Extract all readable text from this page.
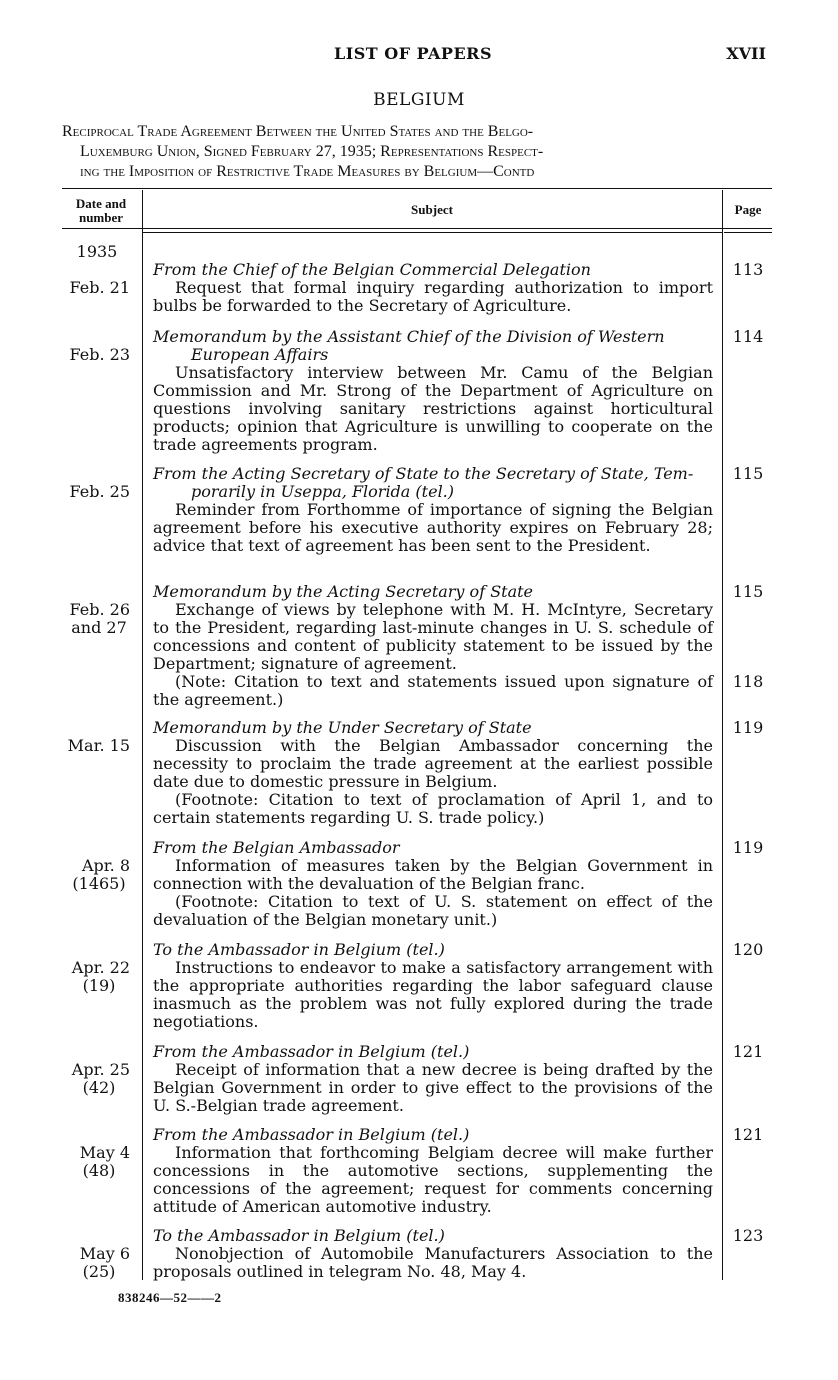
LIST OF PAPERS	XVII
BELGIUM
Reciprocal Trade Agreement Between the United States and the Belgo-
Luxemburg Union, Signed February 27, 1935; Representations Respect-
ing the Imposition of Restrictive Trade Measures by Belgium—Contd
Date and
number
Subject	Page
1935

Feb. 21

From the Chief of the Belgian Commercial Delegation
Request that formal inquiry regarding authorization to import bulbs be forwarded to the Secretary of Agriculture.
113

Feb. 23

Memorandum by the Assistant Chief of the Division of Western
European Affairs
Unsatisfactory interview between Mr. Camu of the Belgian Commission and Mr. Strong of the Department of Agriculture on questions involving sanitary restrictions against horticultural products; opinion that Agriculture is unwilling to cooperate on the trade agreements program.
114

Feb. 25

From the Acting Secretary of State to the Secretary of State, Tem-
porarily in Useppa, Florida (tel.)
Reminder from Forthomme of importance of signing the Belgian agreement before his executive authority expires on February 28; advice that text of agreement has been sent to the President.
115

Feb. 26

and 27

Memorandum by the Acting Secretary of State
Exchange of views by telephone with M. H. McIntyre, Secretary to the President, regarding last-minute changes in U. S. schedule of concessions and content of publicity statement to be issued by the Department; signature of agreement.
(Note: Citation to text and statements issued upon signature of the agreement.)
115
118

Mar. 15

Memorandum by the Under Secretary of State
Discussion with the Belgian Ambassador concerning the necessity to proclaim the trade agreement at the earliest possible date due to domestic pressure in Belgium.
(Footnote: Citation to text of proclamation of April 1, and to certain statements regarding U. S. trade policy.)
119

Apr. 8

(1465)

From the Belgian Ambassador
Information of measures taken by the Belgian Government in connection with the devaluation of the Belgian franc.
(Footnote: Citation to text of U. S. statement on effect of the devaluation of the Belgian monetary unit.)
119

Apr. 22

(19)

To the Ambassador in Belgium (tel.)
Instructions to endeavor to make a satisfactory arrangement with the appropriate authorities regarding the labor safeguard clause inasmuch as the problem was not fully explored during the trade negotiations.
120

Apr. 25

(42)

From the Ambassador in Belgium (tel.)
Receipt of information that a new decree is being drafted by the Belgian Government in order to give effect to the provisions of the U. S.-Belgian trade agreement.
121

May 4

(48)

From the Ambassador in Belgium (tel.)
Information that forthcoming Belgiam decree will make further concessions in the automotive sections, supplementing the concessions of the agreement; request for comments concerning attitude of American automotive industry.
121

May 6

(25)

To the Ambassador in Belgium (tel.)
Nonobjection of Automobile Manufacturers Association to the proposals outlined in telegram No. 48, May 4.
123
838246—52——2
